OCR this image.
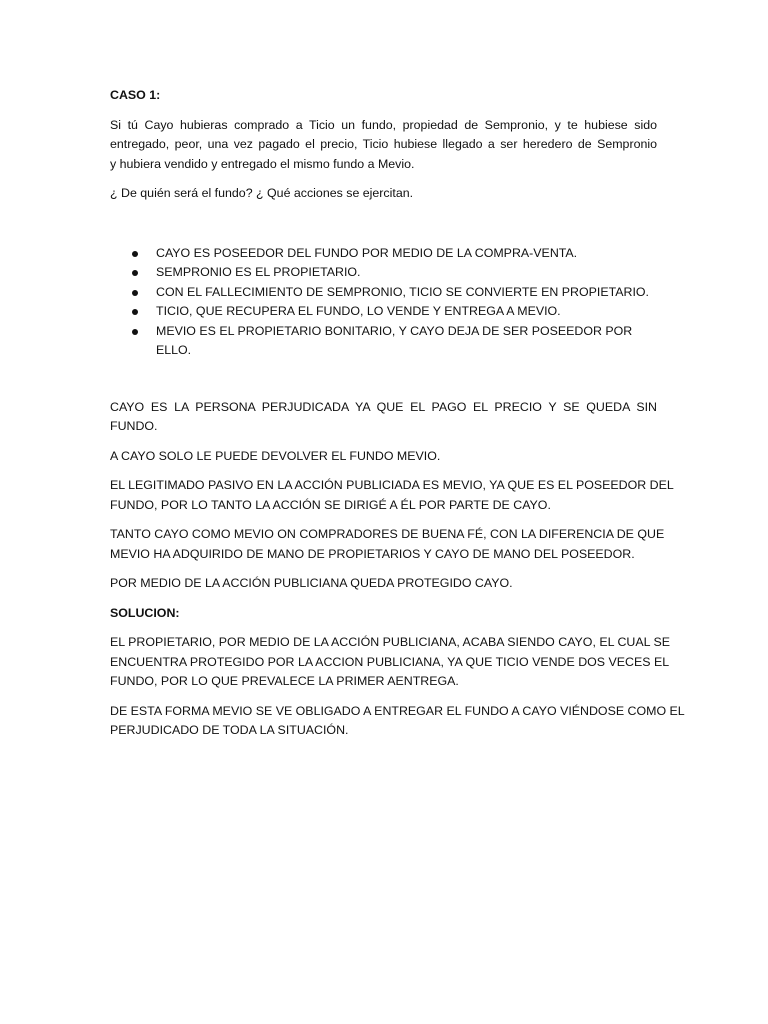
CASO 1:
Si tú Cayo hubieras comprado a Ticio un fundo, propiedad de Sempronio, y te hubiese sido
entregado, peor, una vez pagado el precio, Ticio hubiese llegado a ser heredero de Sempronio
y hubiera vendido y entregado el mismo fundo a Mevio.
¿ De quién será el fundo? ¿ Qué acciones se ejercitan.
CAYO ES POSEEDOR DEL FUNDO POR MEDIO DE LA COMPRA-VENTA.
SEMPRONIO ES EL PROPIETARIO.
CON EL FALLECIMIENTO DE SEMPRONIO, TICIO SE CONVIERTE EN PROPIETARIO.
TICIO, QUE RECUPERA EL FUNDO, LO VENDE Y ENTREGA A MEVIO.
MEVIO ES EL PROPIETARIO BONITARIO, Y CAYO DEJA DE SER POSEEDOR POR ELLO.
CAYO ES LA PERSONA PERJUDICADA YA QUE EL PAGO EL PRECIO Y SE QUEDA SIN FUNDO.
A CAYO SOLO LE PUEDE DEVOLVER EL FUNDO MEVIO.
EL LEGITIMADO PASIVO EN LA ACCIÓN PUBLICIADA ES MEVIO, YA QUE ES EL POSEEDOR DEL
FUNDO, POR LO TANTO LA ACCIÓN SE DIRIGÉ A ÉL POR PARTE DE CAYO.
TANTO CAYO COMO MEVIO ON COMPRADORES DE BUENA FÉ, CON LA DIFERENCIA DE QUE
MEVIO HA ADQUIRIDO DE MANO DE PROPIETARIOS Y CAYO DE MANO DEL POSEEDOR.
POR MEDIO DE LA ACCIÓN PUBLICIANA QUEDA PROTEGIDO CAYO.
SOLUCION:
EL PROPIETARIO, POR MEDIO DE LA ACCIÓN PUBLICIANA, ACABA SIENDO CAYO, EL CUAL SE
ENCUENTRA PROTEGIDO POR LA ACCION PUBLICIANA, YA QUE TICIO VENDE DOS VECES EL
FUNDO, POR LO QUE PREVALECE LA PRIMER AENTREGA.
DE ESTA FORMA MEVIO SE VE OBLIGADO A ENTREGAR EL FUNDO A CAYO VIÉNDOSE COMO EL
PERJUDICADO DE TODA LA SITUACIÓN.
